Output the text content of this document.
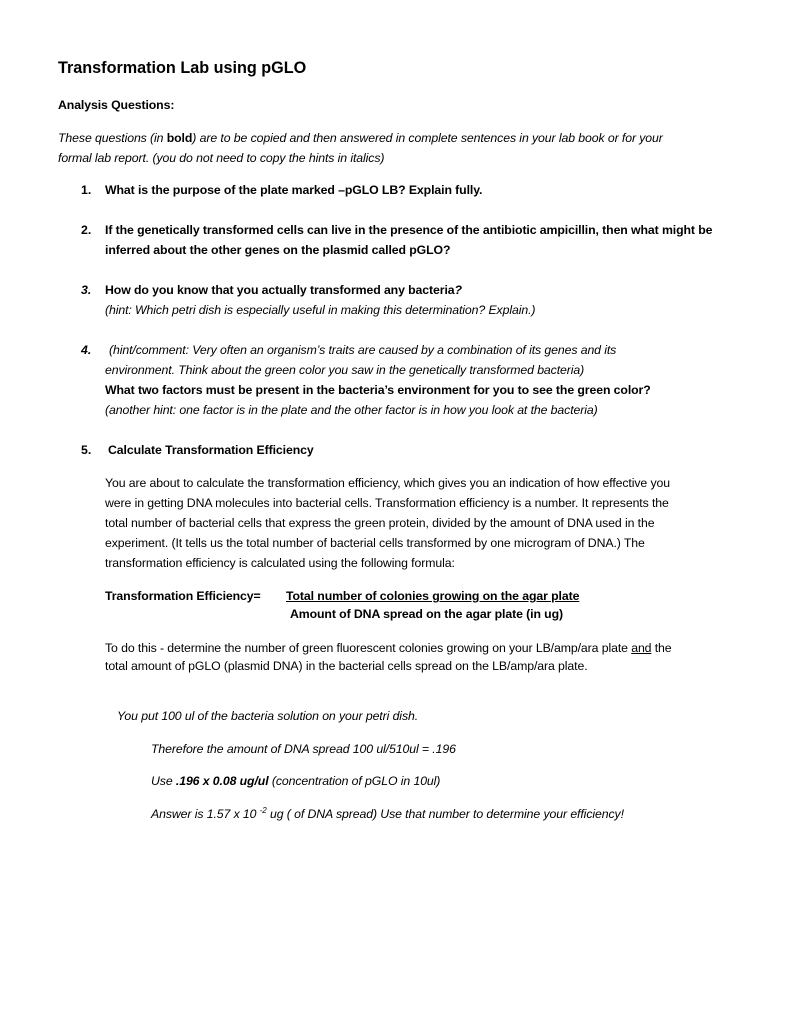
Transformation Lab using pGLO
Analysis Questions:
These questions (in bold) are to be copied and then answered in complete sentences in your lab book or for your
formal lab report. (you do not need to copy the hints in italics)
1. What is the purpose of the plate marked –pGLO LB? Explain fully.
2. If the genetically transformed cells can live in the presence of the antibiotic ampicillin, then what might be
inferred about the other genes on the plasmid called pGLO?
3. How do you know that you actually transformed any bacteria?
(hint: Which petri dish is especially useful in making this determination? Explain.)
4. (hint/comment: Very often an organism’s traits are caused by a combination of its genes and its
environment. Think about the green color you saw in the genetically transformed bacteria)
What two factors must be present in the bacteria’s environment for you to see the green color?
(another hint: one factor is in the plate and the other factor is in how you look at the bacteria)
5. Calculate Transformation Efficiency
You are about to calculate the transformation efficiency, which gives you an indication of how effective you
were in getting DNA molecules into bacterial cells. Transformation efficiency is a number. It represents the
total number of bacterial cells that express the green protein, divided by the amount of DNA used in the
experiment. (It tells us the total number of bacterial cells transformed by one microgram of DNA.) The
transformation efficiency is calculated using the following formula:
Transformation Efficiency= Total number of colonies growing on the agar plate
Amount of DNA spread on the agar plate (in ug)
To do this - determine the number of green fluorescent colonies growing on your LB/amp/ara plate and the
total amount of pGLO (plasmid DNA) in the bacterial cells spread on the LB/amp/ara plate.
You put 100 ul of the bacteria solution on your petri dish.
Therefore the amount of DNA spread 100 ul/510ul = .196
Use .196 x 0.08 ug/ul (concentration of pGLO in 10ul)
Answer is 1.57 x 10 $^{-2}$ ug ( of DNA spread) Use that number to determine your efficiency!
